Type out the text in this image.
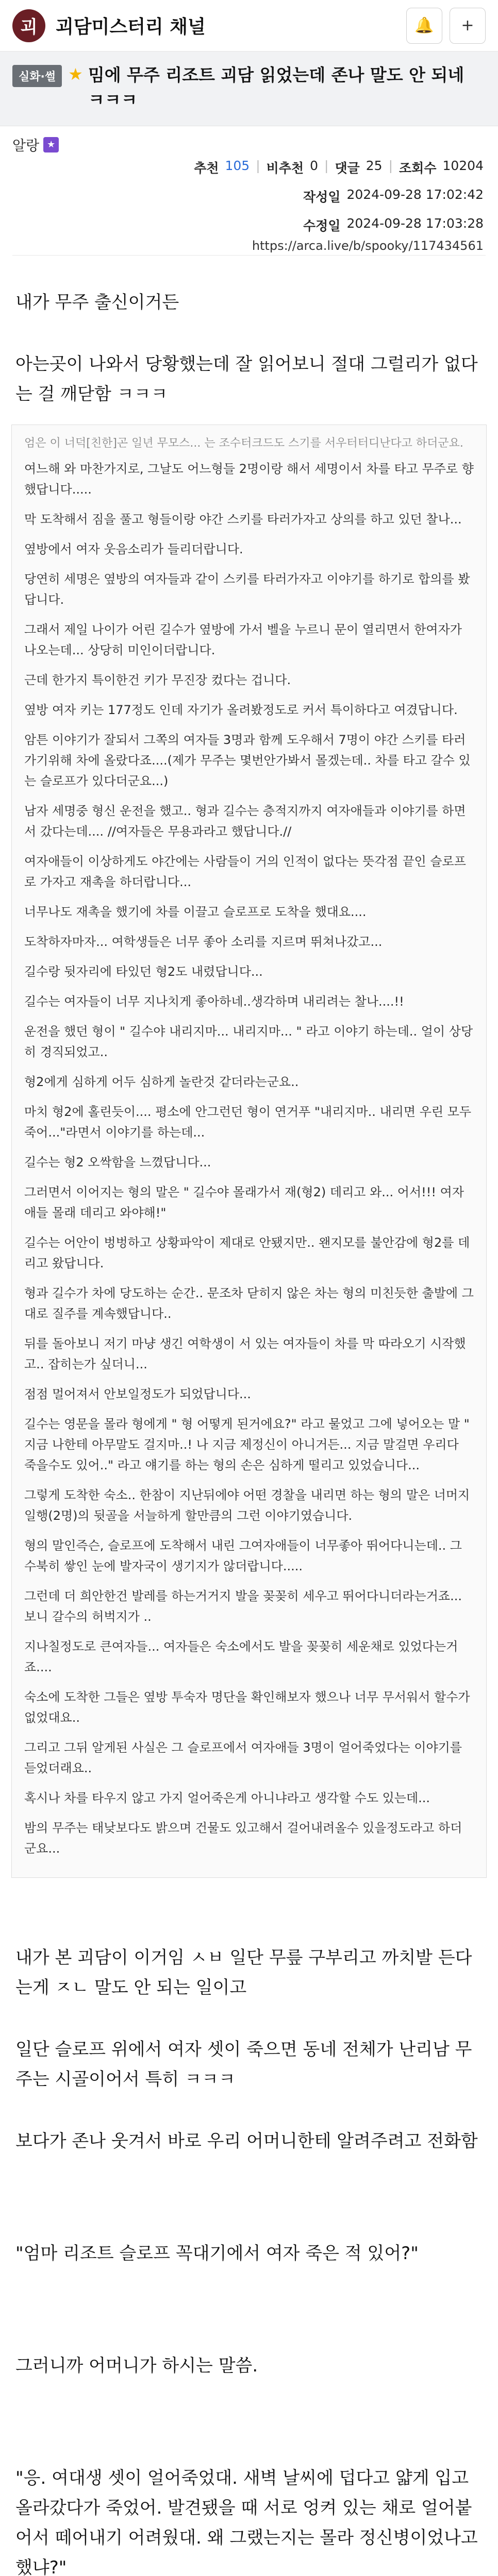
괴 괴담미스터리 채널	🔔 +
실화·썰 ★ 밈에 무주 리조트 괴담 읽었는데 존나 말도 안 되네 ㅋㅋㅋ
알랑 ★
추천 105 | 비추천 0 | 댓글 25 | 조회수 10204
작성일 2024-09-28 17:02:42
수정일 2024-09-28 17:03:28
https://arca.live/b/spooky/117434561

내가 무주 출신이거든

아는곳이 나와서 당황했는데 잘 읽어보니 절대 그럴리가 없다는 걸 깨닫함 ㅋㅋㅋ

엄은 이 너덕[친한]곤 일년 무모스... 는 조수터크드도 스기를 서우터터디난다고 하더군요.

여느해 와 마찬가지로, 그날도 어느형들 2명이랑 해서 세명이서 차를 타고 무주로 향했답니다.....

막 도착해서 짐을 풀고 형들이랑 야간 스키를 타러가자고 상의를 하고 있던 찰나...

옆방에서 여자 웃음소리가 들리더랍니다.

당연히 세명은 옆방의 여자들과 같이 스키를 타러가자고 이야기를 하기로 합의를 봤답니다.

그래서 제일 나이가 어린 길수가 옆방에 가서 벨을 누르니 문이 열리면서 한여자가 나오는데... 상당히 미인이더랍니다.

근데 한가지 특이한건 키가 무진장 컸다는 겁니다.

옆방 여자 키는 177정도 인데 자기가 올려봤정도로 커서 특이하다고 여겼답니다.

암튼 이야기가 잘되서 그쪽의 여자들 3명과 함께 도우해서 7명이 야간 스키를 타러가기위해 차에 올랐다죠....(제가 무주는 몇번안가봐서 몰겠는데.. 차를 타고 갈수 있는 슬로프가 있다더군요...)

남자 세명중 형신 운전을 했고.. 형과 길수는 층적지까지 여자애들과 이야기를 하면서 갔다는데.... //여자들은 무용과라고 했답니다.//

여자애들이 이상하게도 야간에는 사람들이 거의 인적이 없다는 뜻각점 끝인 슬로프로 가자고 재촉을 하더랍니다...

너무나도 재촉을 했기에 차를 이끌고 슬로프로 도착을 했대요....

도착하자마자... 여학생들은 너무 좋아 소리를 지르며 뛰쳐나갔고...

길수랑 뒷자리에 타있던 형2도 내렸답니다...

길수는 여자들이 너무 지나치게 좋아하네..생각하며 내리려는 찰나....!!

운전을 했던 형이 " 길수야 내리지마... 내리지마... " 라고 이야기 하는데.. 얼이 상당히 경직되었고..

형2에게 심하게 어두 심하게 놀란것 같더라는군요..

마치 형2에 홀린듯이.... 평소에 안그런던 형이 연거푸 "내리지마.. 내리면 우린 모두 죽어..."라면서 이야기를 하는데...

길수는 형2 오싹함을 느꼈답니다...

그러면서 이어지는 형의 말은 " 길수야 몰래가서 재(형2) 데리고 와... 어서!!! 여자애들 몰래 데리고 와야해!"

길수는 어안이 벙벙하고 상황파악이 제대로 안됐지만.. 왠지모를 불안감에 형2를 데리고 왔답니다.

형과 길수가 차에 당도하는 순간.. 문조차 닫히지 않은 차는 형의 미친듯한 출발에 그대로 질주를 계속했답니다..

뒤를 돌아보니 저기 마냥 생긴 여학생이 서 있는 여자들이 차를 막 따라오기 시작했고.. 잡히는가 싶더니...

점점 멀어져서 안보일정도가 되었답니다...

길수는 영문을 몰라 형에게 " 형 어떻게 된거에요?" 라고 물었고 그에 넣어오는 말 " 지금 나한테 아무말도 걸지마..! 나 지금 제정신이 아니거든... 지금 말걸면 우리다 죽을수도 있어.." 라고 얘기를 하는 형의 손은 심하게 떨리고 있었습니다...

그렇게 도착한 숙소.. 한참이 지난뒤에야 어떤 경찰을 내리면 하는 형의 말은 너머지 일행(2명)의 뒷골을 서늘하게 할만큼의 그런 이야기였습니다.

형의 말인즉슨, 슬로프에 도착해서 내린 그여자애들이 너무좋아 뛰어다니는데.. 그 수북히 쌓인 눈에 발자국이 생기지가 않더랍니다.....

그런데 더 희안한건 발레를 하는거거지 발을 꽂꽂히 세우고 뛰어다니더라는거죠... 보니 갈수의 허벅지가 ..

지나칠정도로 큰여자들... 여자들은 숙소에서도 발을 꽂꽂히 세운채로 있었다는거죠....

숙소에 도착한 그들은 옆방 투숙자 명단을 확인해보자 했으나 너무 무서워서 할수가 없었대요..

그리고 그뒤 알게된 사실은 그 슬로프에서 여자애들 3명이 얼어죽었다는 이야기를 듣었더래요..

혹시나 차를 타우지 않고 가지 얼어죽은게 아니냐라고 생각할 수도 있는데...

밤의 무주는 태낮보다도 밝으며 건물도 있고해서 걸어내려올수 있을정도라고 하더군요...

내가 본 괴담이 이거임 ㅅㅂ 일단 무릎 구부리고 까치발 든다는게 ㅈㄴ 말도 안 되는 일이고

일단 슬로프 위에서 여자 셋이 죽으면 동네 전체가 난리남 무주는 시골이어서 특히 ㅋㅋㅋ

보다가 존나 웃겨서 바로 우리 어머니한테 알려주려고 전화함

"엄마 리조트 슬로프 꼭대기에서 여자 죽은 적 있어?"

그러니까 어머니가 하시는 말씀.

"응. 여대생 셋이 얼어죽었대. 새벽 날씨에 덥다고 얇게 입고 올라갔다가 죽었어. 발견됐을 때 서로 엉켜 있는 채로 얼어붙어서 떼어내기 어려웠대. 왜 그랬는지는 몰라 정신병이었나고 했냐?"
